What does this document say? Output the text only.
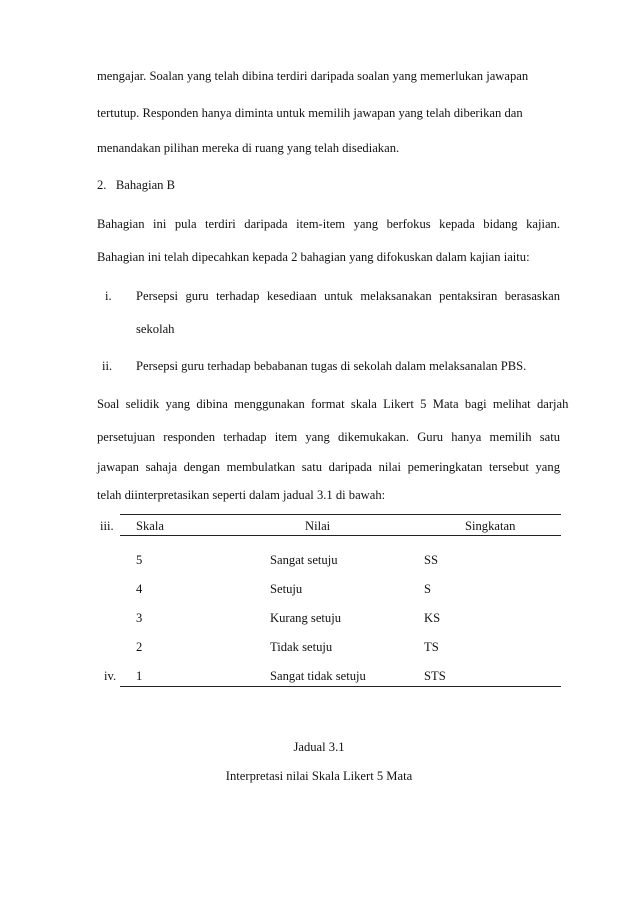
mengajar. Soalan yang telah dibina terdiri daripada soalan yang memerlukan jawapan
tertutup. Responden hanya diminta untuk memilih jawapan yang telah diberikan dan
menandakan pilihan mereka di ruang yang telah disediakan.
2.   Bahagian B
Bahagian  ini  pula  terdiri  daripada  item-item  yang  berfokus  kepada  bidang  kajian.
Bahagian ini telah dipecahkan kepada 2 bahagian yang difokuskan dalam kajian iaitu:
i. Persepsi  guru  terhadap  kesediaan  untuk  melaksanakan  pentaksiran  berasaskan
sekolah
ii. Persepsi guru terhadap bebabanan tugas di sekolah dalam melaksanalan PBS.
Soal  selidik  yang  dibina  menggunakan  format  skala  Likert  5  Mata  bagi  melihat  darjah
persetujuan  responden  terhadap  item  yang  dikemukakan.  Guru  hanya  memilih  satu
jawapan  sahaja  dengan  membulatkan  satu  daripada  nilai  pemeringkatan  tersebut  yang
telah diinterpretasikan seperti dalam jadual 3.1 di bawah:
iii. Skala	Nilai	Singkatan
5	Sangat setuju	SS
4	Setuju	S
3	Kurang setuju	KS
2	Tidak setuju	TS
iv. 1	Sangat tidak setuju	STS
Jadual 3.1
Interpretasi nilai Skala Likert 5 Mata
